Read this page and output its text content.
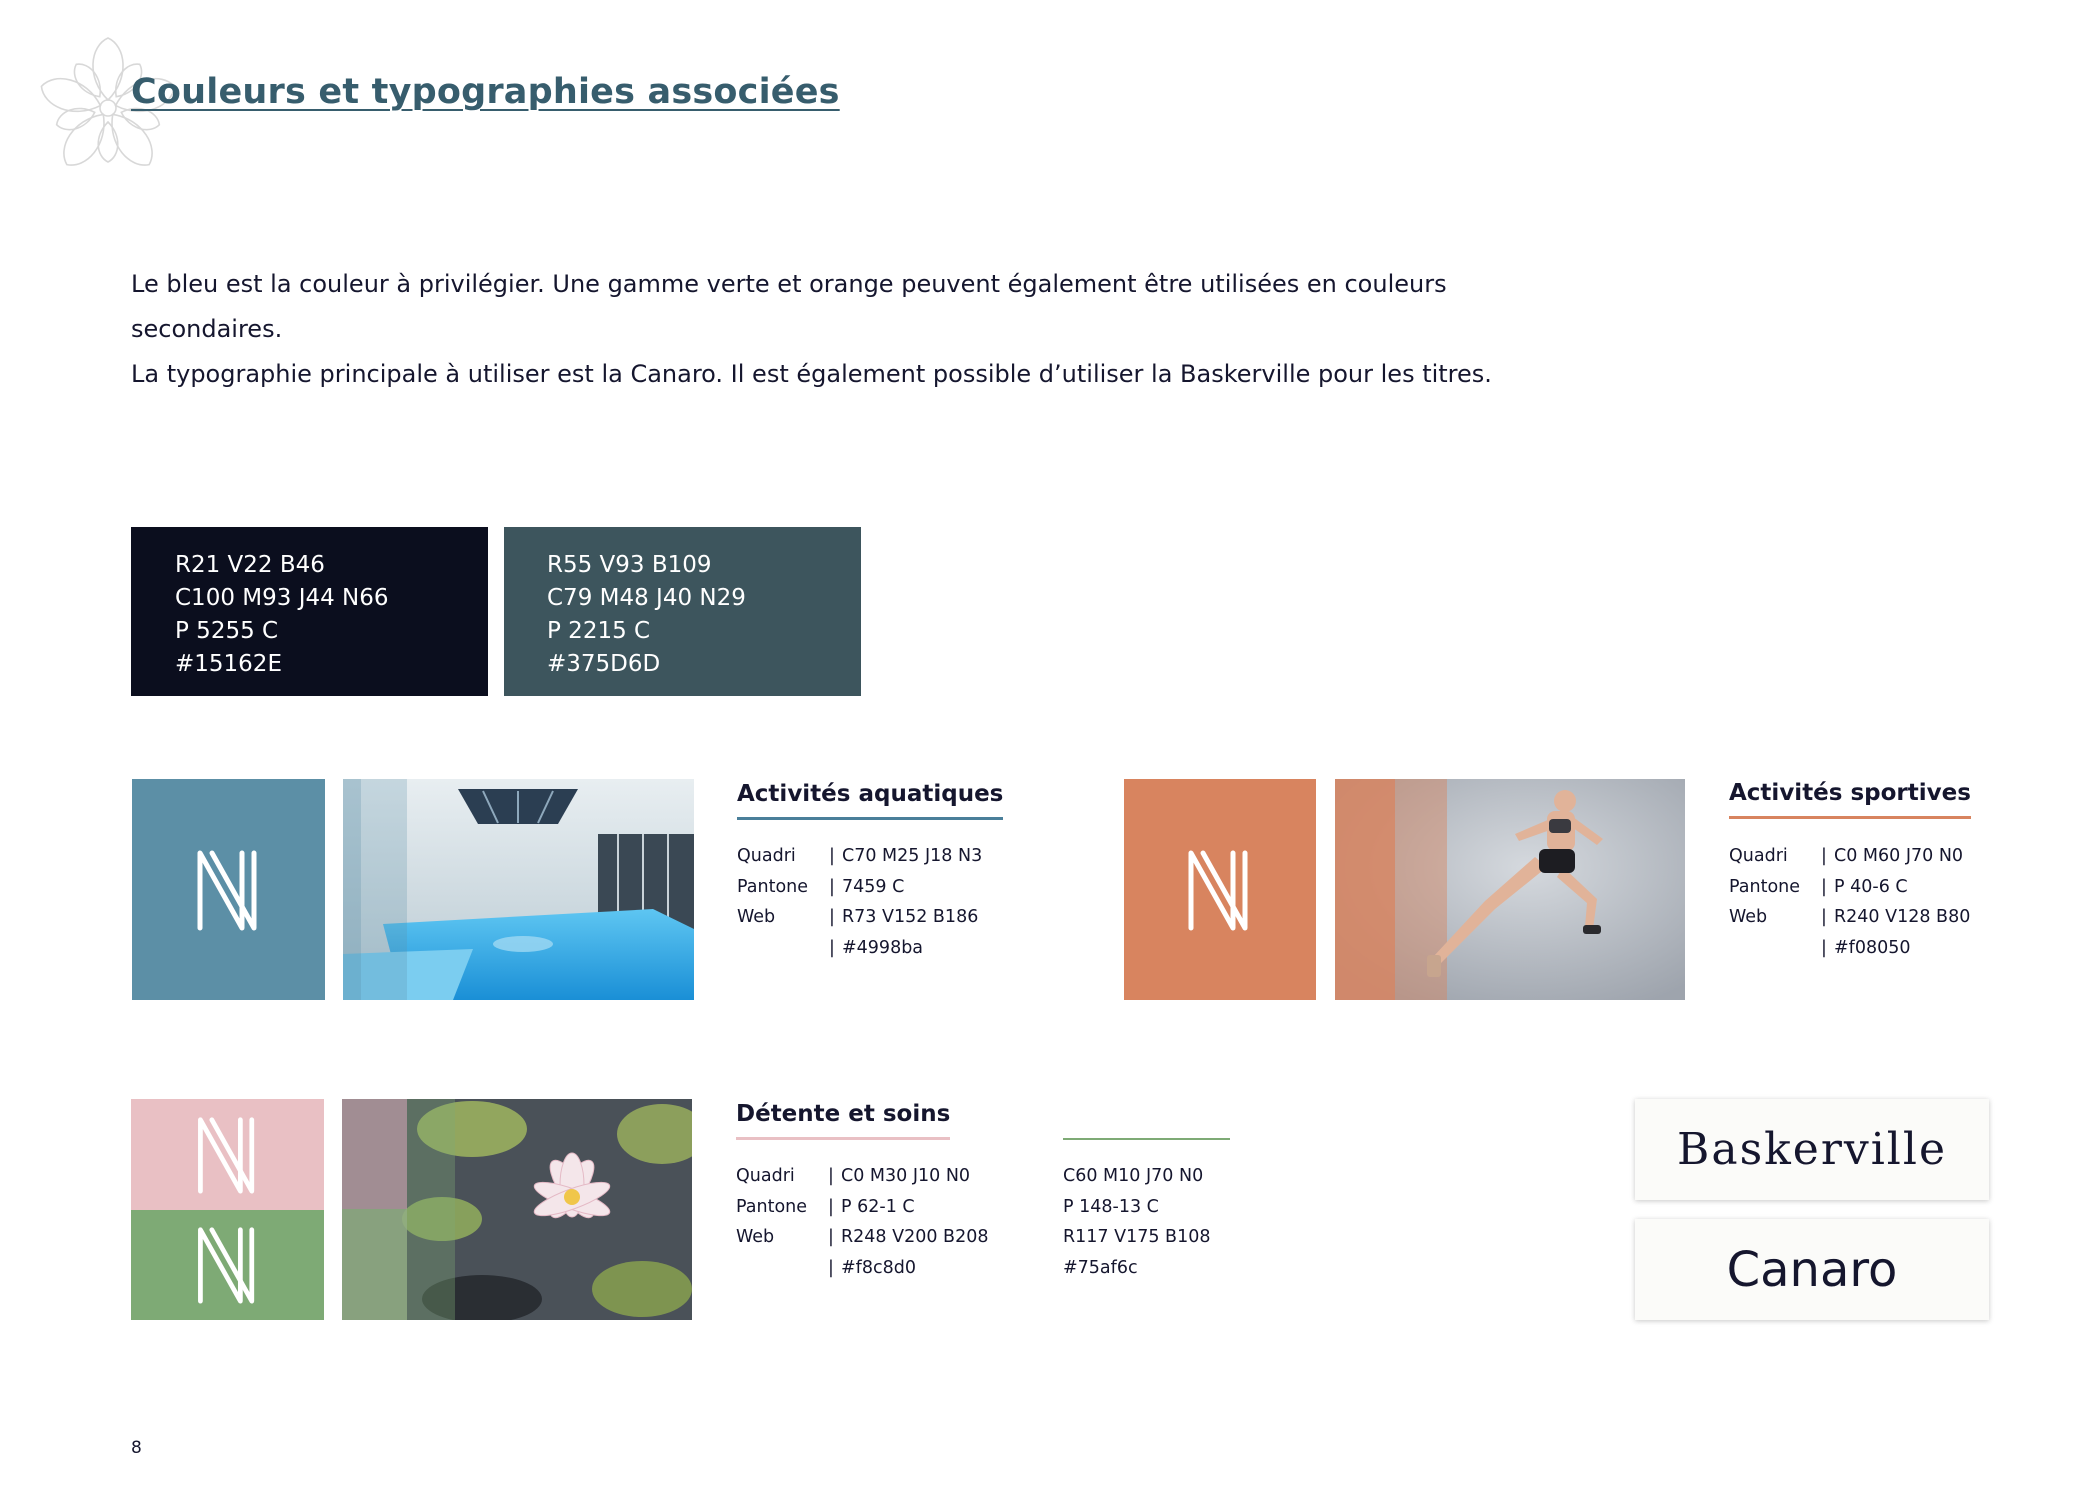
Couleurs et typographies associées

Le bleu est la couleur à privilégier. Une gamme verte et orange peuvent également être utilisées en couleurs

secondaires.

La typographie principale à utiliser est la Canaro. Il est également possible d’utiliser la Baskerville pour les titres.

R21 V22 B46
C100 M93 J44 N66
P 5255 C
#15162E
R55 V93 B109
C79 M48 J40 N29
P 2215 C
#375D6D
Activités aquatiques
Quadri	| C70 M25 J18 N3
Pantone	| 7459 C
Web	| R73 V152 B186
| #4998ba
Activités sportives
Quadri	| C0 M60 J70 N0
Pantone	| P 40-6 C
Web	| R240 V128 B80
| #f08050
Détente et soins
Quadri	| C0 M30 J10 N0
Pantone	| P 62-1 C
Web	| R248 V200 B208
| #f8c8d0
C60 M10 J70 N0
P 148-13 C
R117 V175 B108
#75af6c
Baskerville
Canaro
8
